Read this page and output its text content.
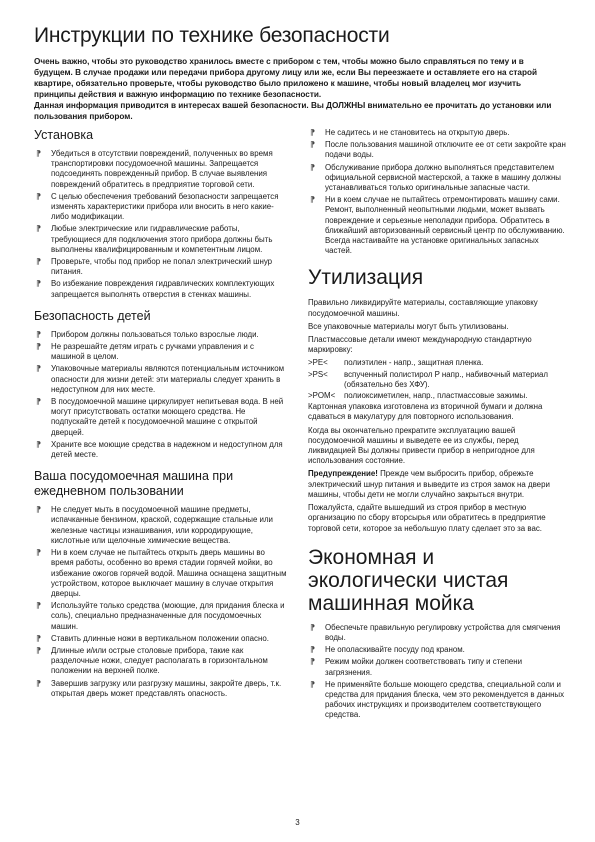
Инструкции по технике безопасности

Очень важно, чтобы это руководство хранилось вместе с прибором с тем, чтобы можно было справляться по тему и в будущем. В случае продажи или передачи прибора другому лицу или же, если Вы переезжаете и оставляете его на старой квартире, обязательно проверьте, чтобы руководство было приложено к машине, чтобы новый владелец мог изучить принципы действия и важную информацию по технике безопасности.

Данная информация приводится в интересах вашей безопасности. Вы ДОЛЖНЫ внимательно ее прочитать до установки или пользования прибором.

Установка
⁋ Убедиться в отсутствии повреждений, полученных во время транспортировки посудомоечной машины. Запрещается подсоединять поврежденный прибор. В случае выявления повреждений обратитесь в предприятие торговой сети.
⁋ С целью обеспечения требований безопасности запрещается изменять характеристики прибора или вносить в него какие-либо модификации.
⁋ Любые электрические или гидравлические работы, требующиеся для подключения этого прибора должны быть выполнены квалифицированным и компетентным лицом.
⁋ Проверьте, чтобы под прибор не попал электрический шнур питания.
⁋ Во избежание повреждения гидравлических комплектующих запрещается выполнять отверстия в стенках машины.
Безопасность детей
⁋ Прибором должны пользоваться только взрослые люди.
⁋ Не разрешайте детям играть с ручками управления и с машиной в целом.
⁋ Упаковочные материалы являются потенциальным источником опасности для жизни детей: эти материалы следует хранить в недоступном для них месте.
⁋ В посудомоечной машине циркулирует непитьевая вода. В ней могут присутствовать остатки моющего средства. Не подпускайте детей к посудомоечной машине с открытой дверцей.
⁋ Храните все моющие средства в надежном и недоступном для детей месте.
Ваша посудомоечная машина при ежедневном пользовании
⁋ Не следует мыть в посудомоечной машине предметы, испачканные бензином, краской, содержащие стальные или железные частицы изнашивания, или корродирующие, кислотные или щелочные химические вещества.
⁋ Ни в коем случае не пытайтесь открыть дверь машины во время работы, особенно во время стадии горячей мойки, во избежание ожогов горячей водой. Машина оснащена защитным устройством, которое выключает машину в случае открытия дверцы.
⁋ Используйте только средства (моющие, для придания блеска и соль), специально предназначенные для посудомоечных машин.
⁋ Ставить длинные ножи в вертикальном положении опасно.
⁋ Длинные и/или острые столовые прибора, такие как разделочные ножи, следует располагать в горизонтальном положении на верхней полке.
⁋ Завершив загрузку или разгрузку машины, закройте дверь, т.к. открытая дверь может представлять опасность.
⁋ Не садитесь и не становитесь на открытую дверь.
⁋ После пользования машиной отключите ее от сети закройте кран подачи воды.
⁋ Обслуживание прибора должно выполняться представителем официальной сервисной мастерской, а также в машину должны устанавливаться только оригинальные запасные части.
⁋ Ни в коем случае не пытайтесь отремонтировать машину сами. Ремонт, выполненный неопытными людьми, может вызвать повреждение и серьезные неполадки прибора. Обратитесь в ближайший авторизованный сервисный центр по обслуживанию. Всегда настаивайте на установке оригинальных запасных частей.
Утилизация

Правильно ликвидируйте материалы, составляющие упаковку посудомоечной машины.

Все упаковочные материалы могут быть утилизованы.

Пластмассовые детали имеют международную стандартную маркировку:

>PE<	полиэтилен - напр., защитная пленка.
>PS<	вспученный полистирол P напр., набивочный материал (обязательно без ХФУ).
>POM<	полиоксиметилен, напр., пластмассовые зажимы.

Картонная упаковка изготовлена из вторичной бумаги и должна сдаваться в макулатуру для повторного использования.

Когда вы окончательно прекратите эксплуатацию вашей посудомоечной машины и выведете ее из службы, перед ликвидацией Вы должны привести прибор в непригодное для использования состояние.

Предупреждение! Прежде чем выбросить прибор, обрежьте электрический шнур питания и выведите из строя замок на двери машины, чтобы дети не могли случайно закрыться внутри.

Пожалуйста, сдайте вышедший из строя прибор в местную организацию по сбору вторсырья или обратитесь в предприятие торговой сети, которое за небольшую плату сделает это за вас.

Экономная и экологически чистая машинная мойка
⁋ Обеспечьте правильную регулировку устройства для смягчения воды.
⁋ Не ополаскивайте посуду под краном.
⁋ Режим мойки должен соответствовать типу и степени загрязнения.
⁋ Не применяйте больше моющего средства, специальной соли и средства для придания блеска, чем это рекомендуется в данных рабочих инструкциях и производителем соответствующего средства.
3
